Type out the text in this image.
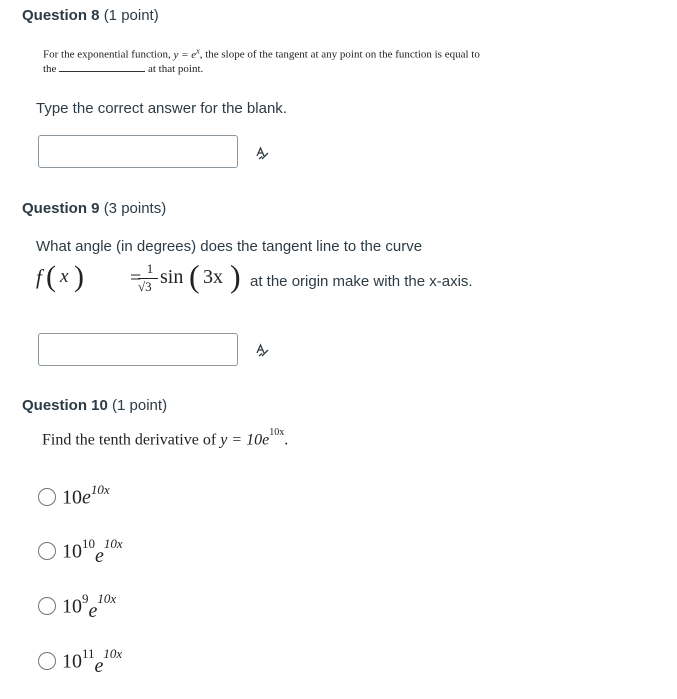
Question 8 (1 point)
For the exponential function, $y = e^x$, the slope of the tangent at any point on the function is equal to
the	at that point.
Type the correct answer for the blank.
Question 9 (3 points)
What angle (in degrees) does the tangent line to the curve
f ( x ) = 1
√3 sin ( 3x ) at the origin make with the x-axis.
Question 10 (1 point)
Find the tenth derivative of $y = 10e^{10x}$.
$10e^{10x}$
$10^{10}e^{10x}$
$10^9e^{10x}$
$10^{11}e^{10x}$
